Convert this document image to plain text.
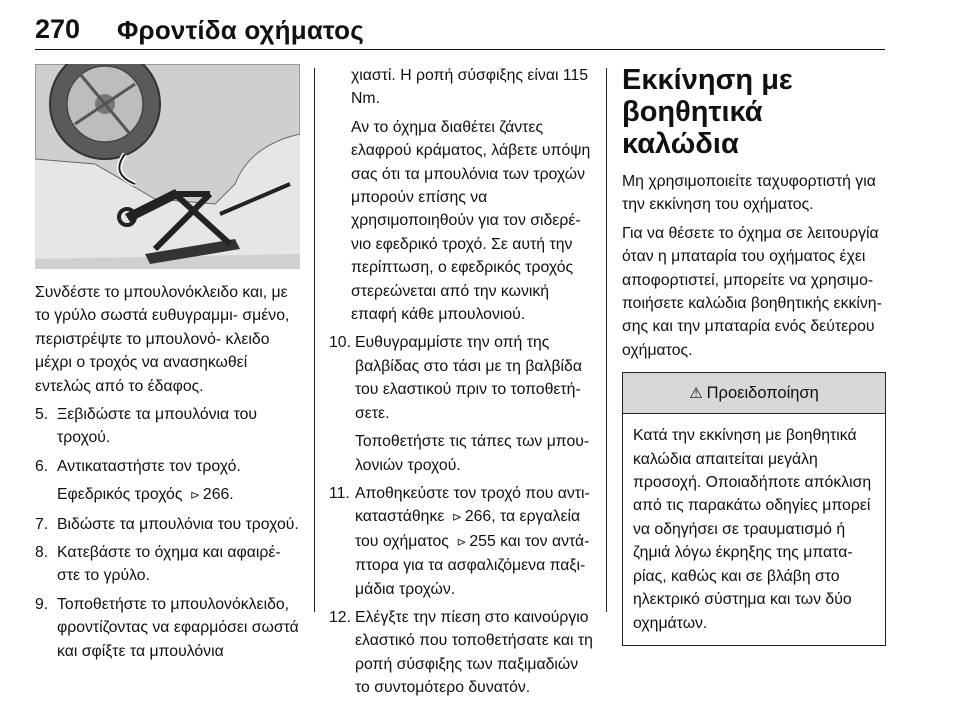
270 Φροντίδα οχήματος

Συνδέστε το μπουλονόκλειδο και, με το γρύλο σωστά ευθυγραμμι- σμένο, περιστρέψτε το μπουλονό- κλειδο μέχρι ο τροχός να ανασηκωθεί εντελώς από το έδαφος.

5. Ξεβιδώστε τα μπουλόνια του τροχού.
6. Αντικαταστήστε τον τροχό.
Εφεδρικός τροχός ⊳ 266.
7. Βιδώστε τα μπουλόνια του τροχού.
8. Κατεβάστε το όχημα και αφαιρέ- στε το γρύλο.
9. Τοποθετήστε το μπουλονόκλειδο, φροντίζοντας να εφαρμόσει σωστά και σφίξτε τα μπουλόνια

χιαστί. Η ροπή σύσφιξης είναι 115 Nm.

Αν το όχημα διαθέτει ζάντες ελαφρού κράματος, λάβετε υπόψη σας ότι τα μπουλόνια των τροχών μπορούν επίσης να χρησιμοποιηθούν για τον σιδερέ- νιο εφεδρικό τροχό. Σε αυτή την περίπτωση, ο εφεδρικός τροχός στερεώνεται από την κωνική επαφή κάθε μπουλονιού.

10. Ευθυγραμμίστε την οπή της βαλβίδας στο τάσι με τη βαλβίδα του ελαστικού πριν το τοποθετή- σετε.
Τοποθετήστε τις τάπες των μπου- λονιών τροχού.
11. Αποθηκεύστε τον τροχό που αντι- καταστάθηκε ⊳ 266, τα εργαλεία του οχήματος ⊳ 255 και τον αντά- πτορα για τα ασφαλιζόμενα παξι- μάδια τροχών.
12. Ελέγξτε την πίεση στο καινούργιο ελαστικό που τοποθετήσατε και τη ροπή σύσφιξης των παξιμαδιών το συντομότερο δυνατόν.
Εκκίνηση με βοηθητικά καλώδια

Μη χρησιμοποιείτε ταχυφορτιστή για την εκκίνηση του οχήματος.

Για να θέσετε το όχημα σε λειτουργία όταν η μπαταρία του οχήματος έχει αποφορτιστεί, μπορείτε να χρησιμο- ποιήσετε καλώδια βοηθητικής εκκίνη- σης και την μπαταρία ενός δεύτερου οχήματος.

⚠ Προειδοποίηση
Κατά την εκκίνηση με βοηθητικά καλώδια απαιτείται μεγάλη προσοχή. Οποιαδήποτε απόκλιση από τις παρακάτω οδηγίες μπορεί να οδηγήσει σε τραυματισμό ή ζημιά λόγω έκρηξης της μπατα- ρίας, καθώς και σε βλάβη στο ηλεκτρικό σύστημα και των δύο οχημάτων.
